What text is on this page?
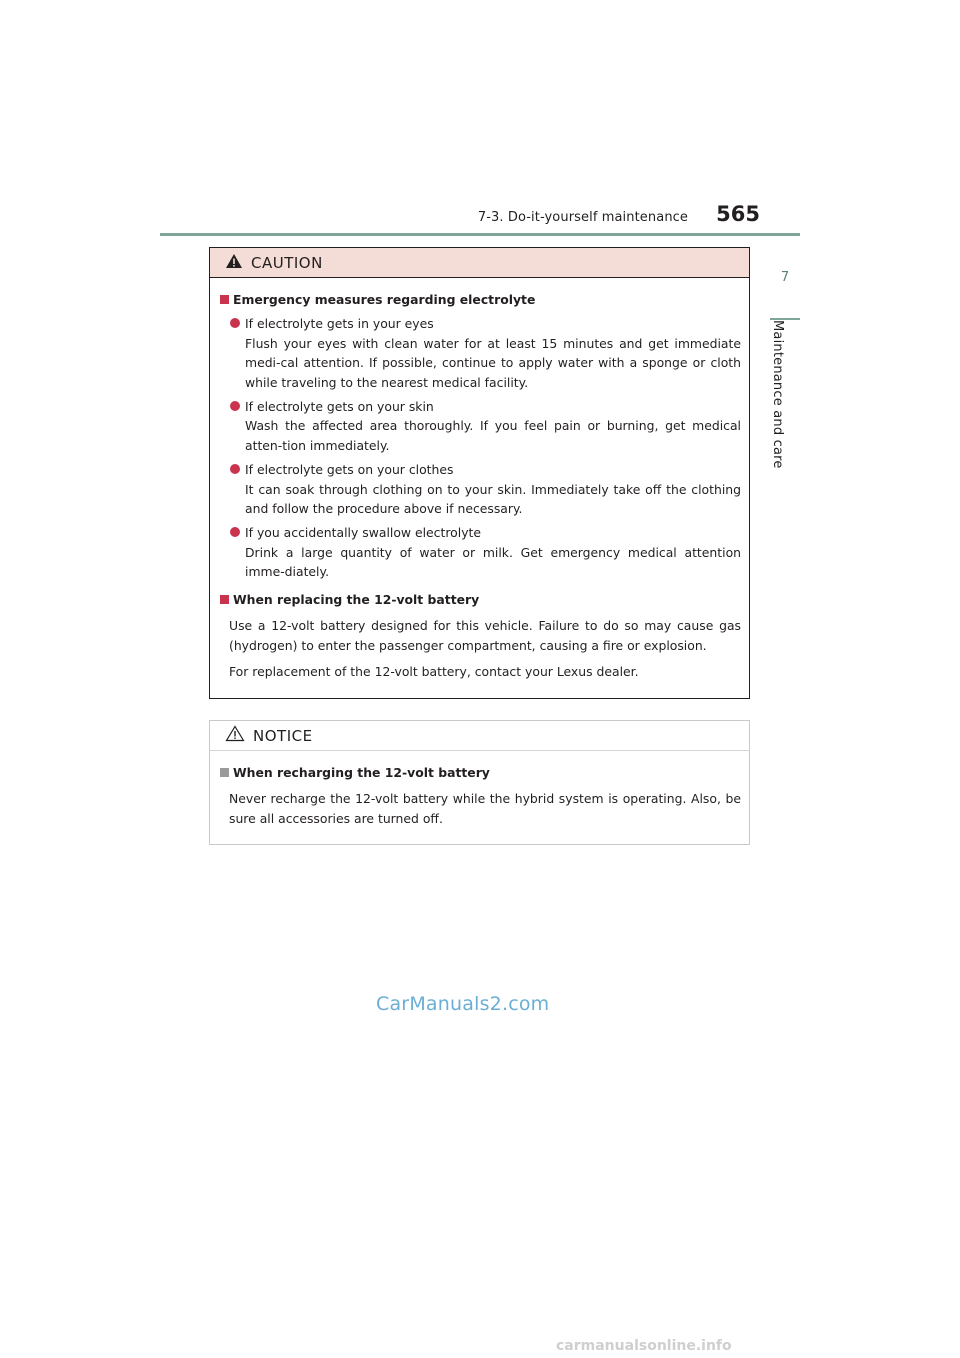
7-3. Do-it-yourself maintenance 565
7
Maintenance and care
CAUTION
Emergency measures regarding electrolyte
If electrolyte gets in your eyes
Flush your eyes with clean water for at least 15 minutes and get immediate medi-cal attention. If possible, continue to apply water with a sponge or cloth while traveling to the nearest medical facility.
If electrolyte gets on your skin
Wash the affected area thoroughly. If you feel pain or burning, get medical atten-tion immediately.
If electrolyte gets on your clothes
It can soak through clothing on to your skin. Immediately take off the clothing and follow the procedure above if necessary.
If you accidentally swallow electrolyte
Drink a large quantity of water or milk. Get emergency medical attention imme-diately.
When replacing the 12-volt battery
Use a 12-volt battery designed for this vehicle. Failure to do so may cause gas (hydrogen) to enter the passenger compartment, causing a fire or explosion.
For replacement of the 12-volt battery, contact your Lexus dealer.
NOTICE
When recharging the 12-volt battery
Never recharge the 12-volt battery while the hybrid system is operating. Also, be sure all accessories are turned off.
CarManuals2.com
carmanualsonline.info
